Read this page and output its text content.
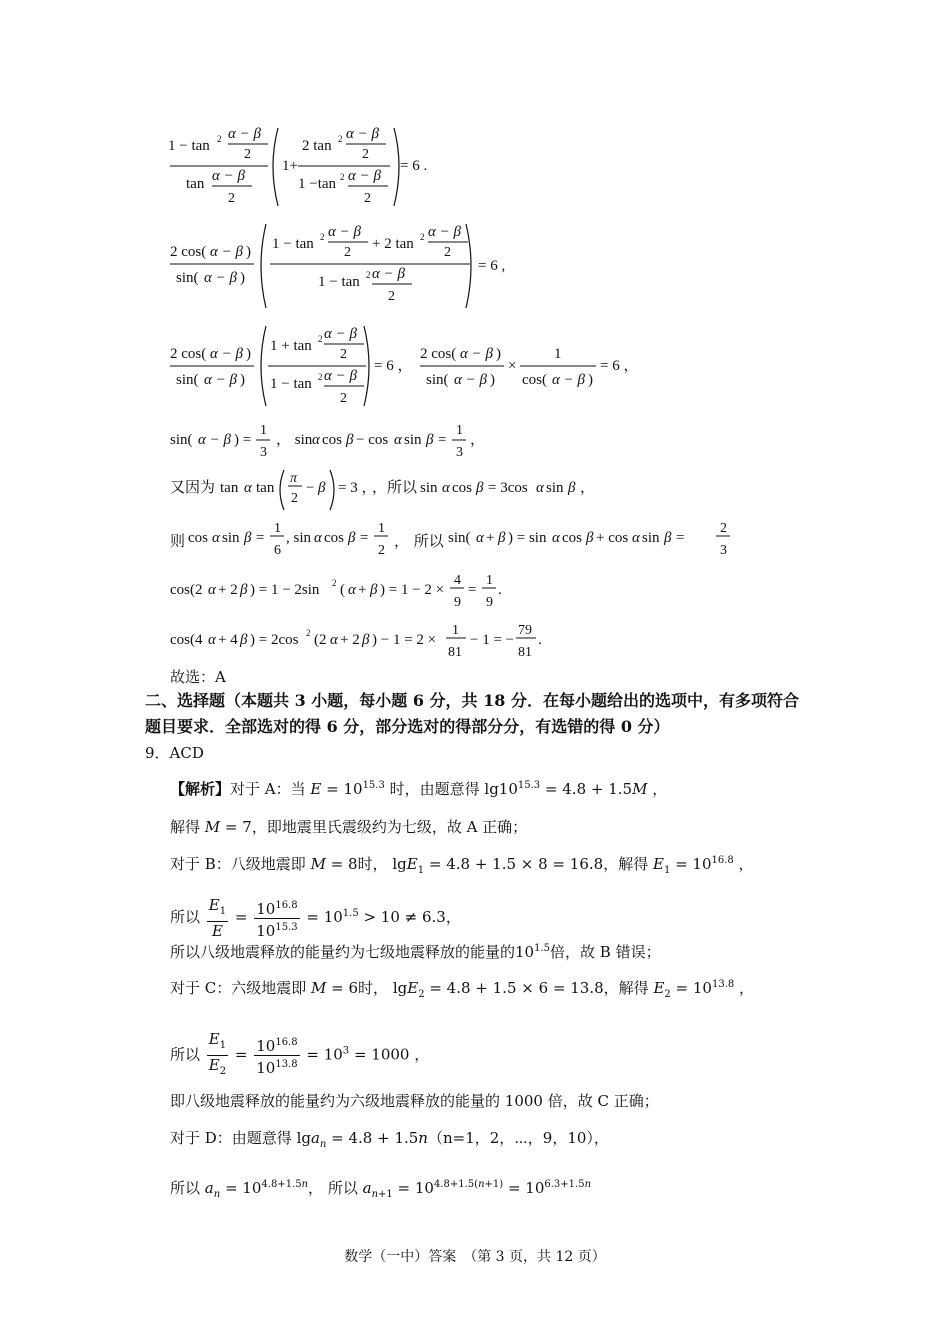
1 − tan 2 α − β
2
tan α − β
2
1+
2 tan 2 α − β
2
1 −tan 2 α − β
2
= 6 .
2 cos( α − β )
sin( α − β )
1 − tan 2 α − β
2
+ 2 tan 2 α − β
2
1 − tan 2 α − β
2
= 6 ,
2 cos( α − β )
sin( α − β )
1 + tan 2 α − β
2
1 − tan 2 α − β
2
= 6 ，
2 cos( α − β )
sin( α − β )
×
1
cos( α − β )
= 6 ，
sin( α − β ) =
1
3
， sin α cos β − cos α sin β =
1
3
，
又因为 tan α tan
π
2
− β = 3 ，
，所以 sin α cos β = 3cos α sin β ，
则 cos α sin β =
1
6
, sin α cos β =
1
2
， 所以 sin( α + β ) = sin α cos β + cos α sin β =
2
3
cos(2 α + 2 β ) = 1 − 2sin 2 ( α + β ) = 1 − 2 ×
4
9
=
1
9
.
cos(4 α + 4 β ) = 2cos 2 (2 α + 2 β ) − 1 = 2 ×
1
81
− 1 = −
79
81
.
故选：A
二、选择题（本题共 3 小题，每小题 6 分，共 18 分．在每小题给出的选项中，有多项符合
题目要求．全部选对的得 6 分，部分选对的得部分分，有选错的得 0 分）
9．ACD
【解析】对于 A：当 $E = 10^{15.3}$ 时，由题意得 $\lg 10^{15.3} = 4.8 + 1.5M$ ，
解得 M = 7，即地震里氏震级约为七级，故 A 正确；
对于 B：八级地震即 M = 8时， lgE$_1$ = 4.8 + 1.5 × 8 = 16.8，解得 $E_1 = 10^{16.8}$ ，
所以 $\frac{E_1}{E} = \frac{10^{16.8}}{10^{15.3}} = 10^{1.5} > 10 \ne 6.3$，
所以八级地震释放的能量约为七级地震释放的能量的$10^{1.5}$倍，故 B 错误；
对于 C：六级地震即 M = 6时， lgE$_2$ = 4.8 + 1.5 × 6 = 13.8，解得 $E_2 = 10^{13.8}$ ，
所以 $\frac{E_1}{E_2} = \frac{10^{16.8}}{10^{13.8}} = 10^3 = 1000$ ，
即八级地震释放的能量约为六级地震释放的能量的 1000 倍，故 C 正确；
对于 D：由题意得 lga$_n$ = 4.8 + 1.5n（n=1，2，⋯，9，10），
所以 $a_n = 10^{4.8+1.5n}$， 所以 $a_{n+1} = 10^{4.8+1.5(n+1)} = 10^{6.3+1.5n}$
数学（一中）答案　（第 3 页，共 12 页）
